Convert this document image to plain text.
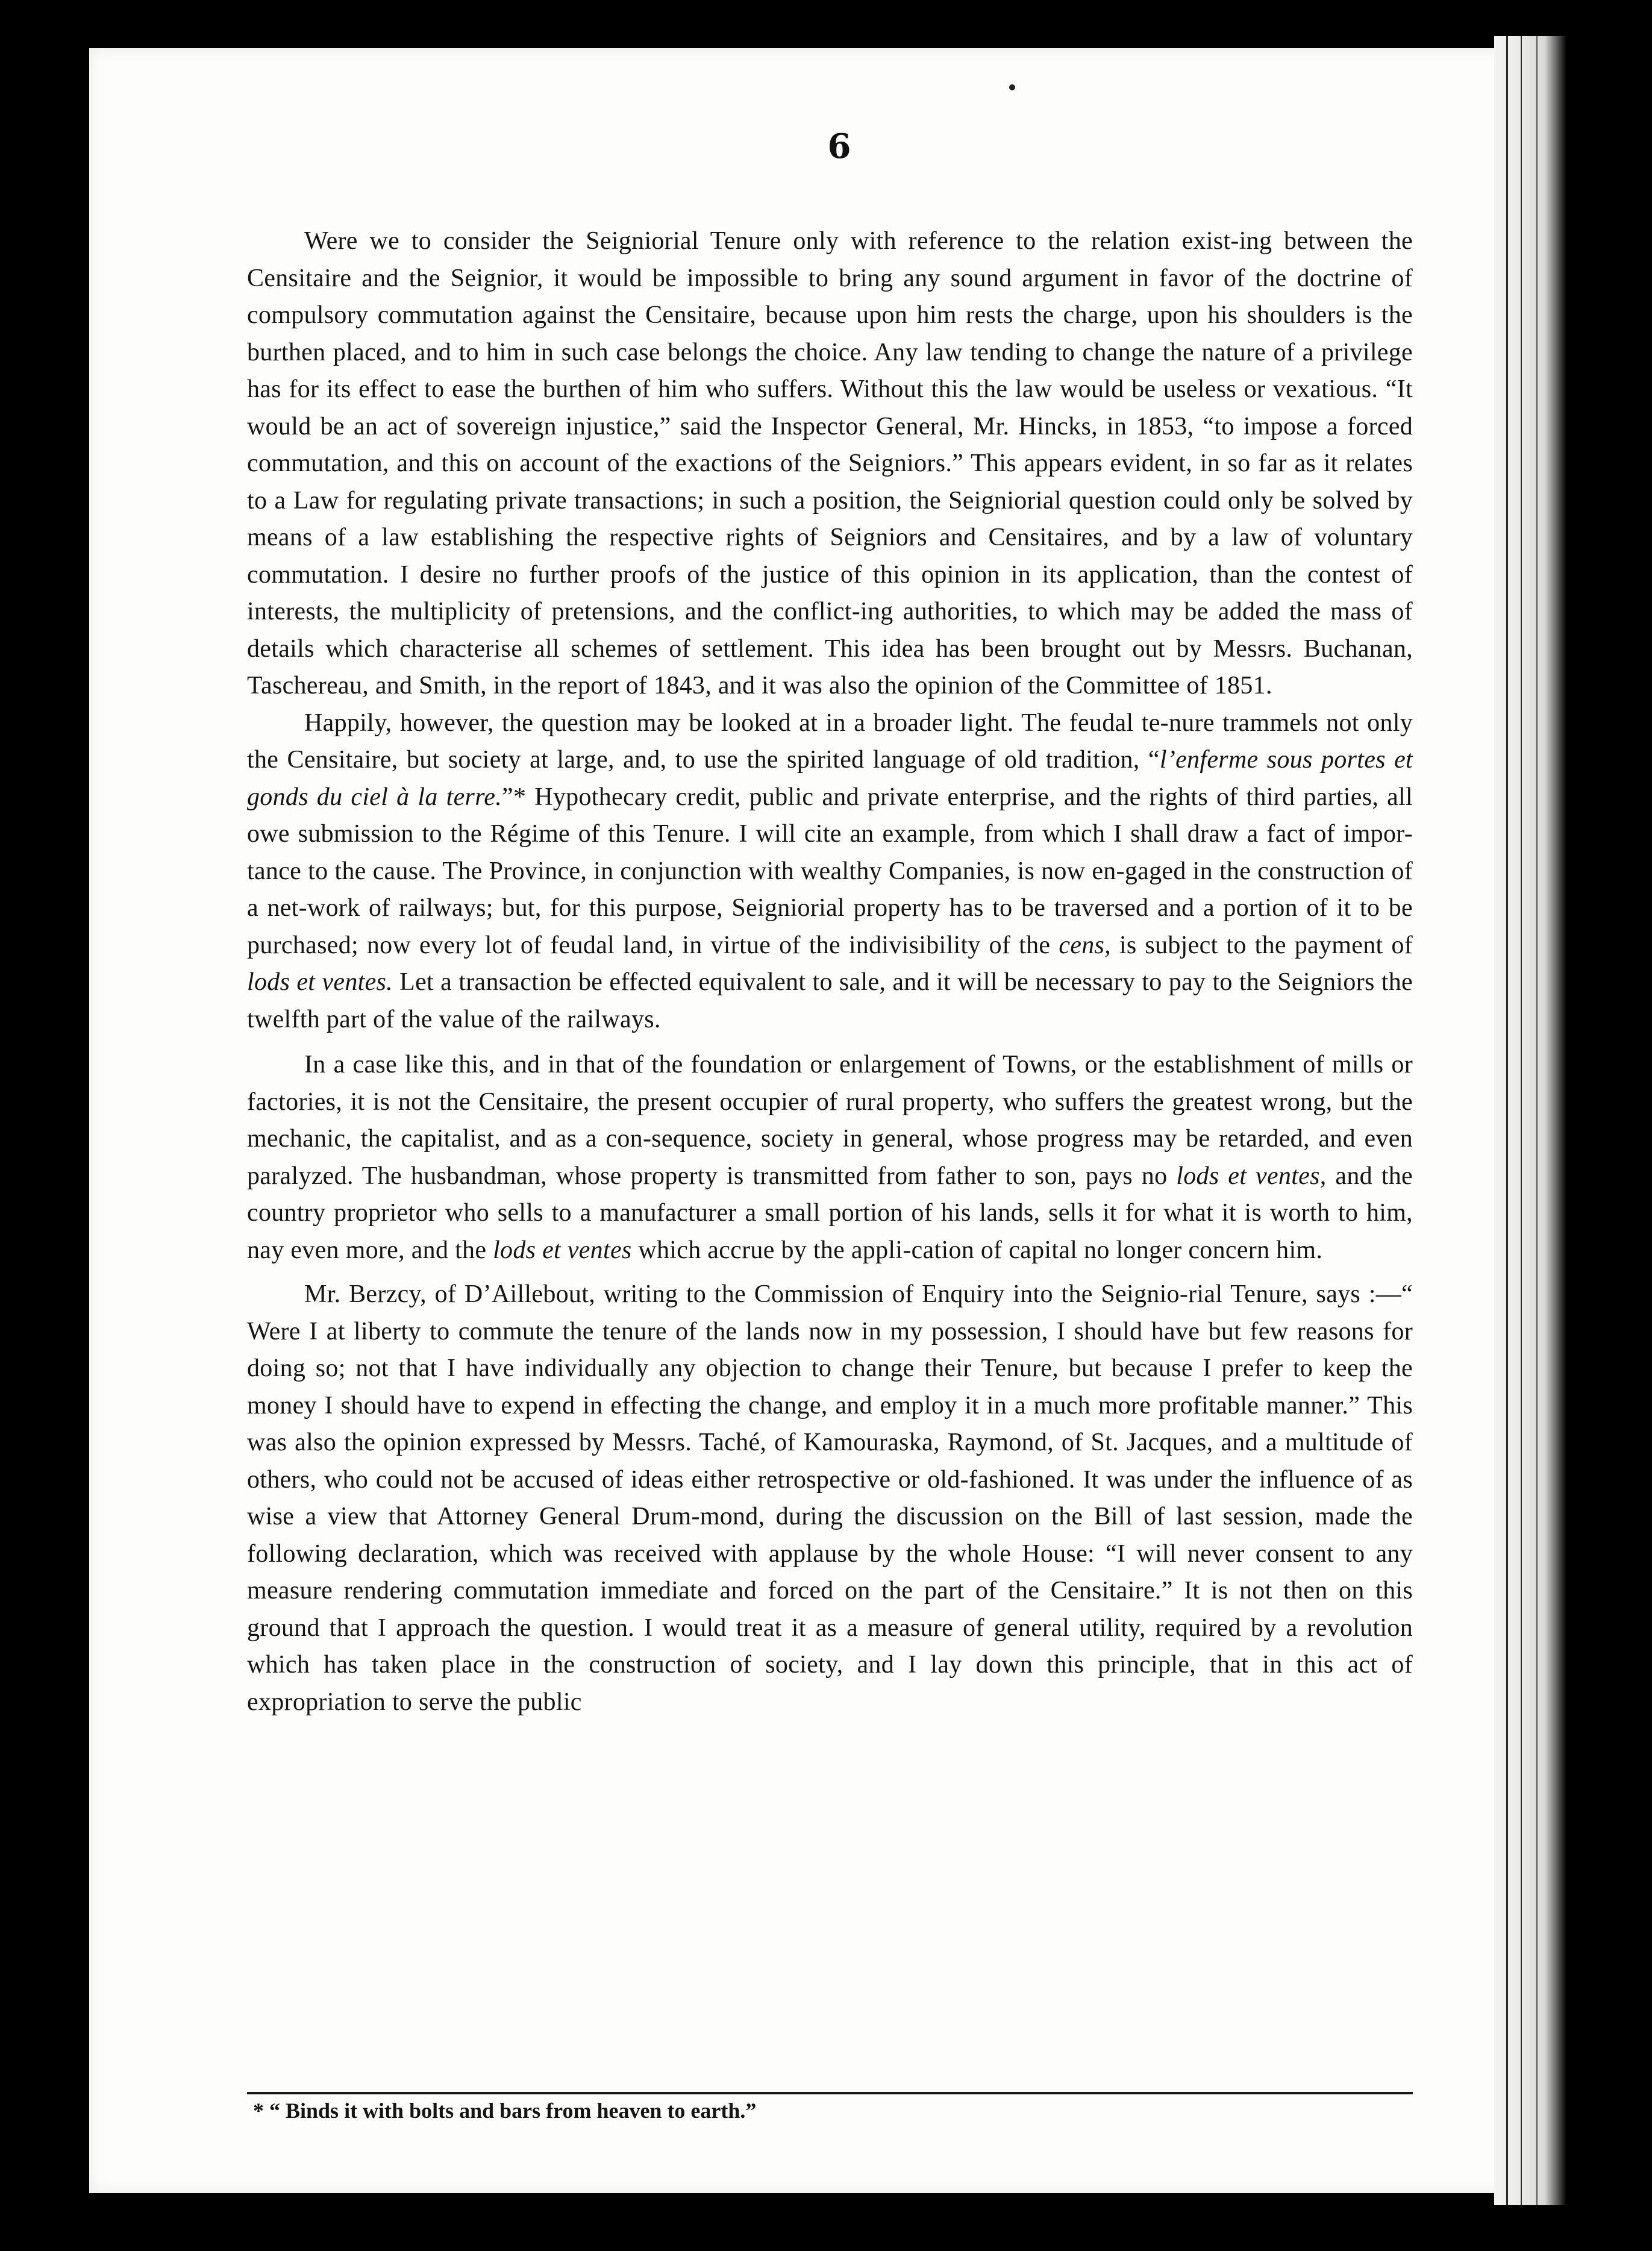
6

Were we to consider the Seigniorial Tenure only with reference to the relation exist-ing between the Censitaire and the Seignior, it would be impossible to bring any sound argument in favor of the doctrine of compulsory commutation against the Censitaire, because upon him rests the charge, upon his shoulders is the burthen placed, and to him in such case belongs the choice. Any law tending to change the nature of a privilege has for its effect to ease the burthen of him who suffers. Without this the law would be useless or vexatious. “It would be an act of sovereign injustice,” said the Inspector General, Mr. Hincks, in 1853, “to impose a forced commutation, and this on account of the exactions of the Seigniors.” This appears evident, in so far as it relates to a Law for regulating private transactions; in such a position, the Seigniorial question could only be solved by means of a law establishing the respective rights of Seigniors and Censitaires, and by a law of voluntary commutation. I desire no further proofs of the justice of this opinion in its application, than the contest of interests, the multiplicity of pretensions, and the conflict-ing authorities, to which may be added the mass of details which characterise all schemes of settlement. This idea has been brought out by Messrs. Buchanan, Taschereau, and Smith, in the report of 1843, and it was also the opinion of the Committee of 1851.

Happily, however, the question may be looked at in a broader light. The feudal te-nure trammels not only the Censitaire, but society at large, and, to use the spirited language of old tradition, “l’enferme sous portes et gonds du ciel à la terre.”* Hypothecary credit, public and private enterprise, and the rights of third parties, all owe submission to the Régime of this Tenure. I will cite an example, from which I shall draw a fact of impor-tance to the cause. The Province, in conjunction with wealthy Companies, is now en-gaged in the construction of a net-work of railways; but, for this purpose, Seigniorial property has to be traversed and a portion of it to be purchased; now every lot of feudal land, in virtue of the indivisibility of the cens, is subject to the payment of lods et ventes. Let a transaction be effected equivalent to sale, and it will be necessary to pay to the Seigniors the twelfth part of the value of the railways.

In a case like this, and in that of the foundation or enlargement of Towns, or the establishment of mills or factories, it is not the Censitaire, the present occupier of rural property, who suffers the greatest wrong, but the mechanic, the capitalist, and as a con-sequence, society in general, whose progress may be retarded, and even paralyzed. The husbandman, whose property is transmitted from father to son, pays no lods et ventes, and the country proprietor who sells to a manufacturer a small portion of his lands, sells it for what it is worth to him, nay even more, and the lods et ventes which accrue by the appli-cation of capital no longer concern him.

Mr. Berzcy, of D’Aillebout, writing to the Commission of Enquiry into the Seignio-rial Tenure, says :—“ Were I at liberty to commute the tenure of the lands now in my possession, I should have but few reasons for doing so; not that I have individually any objection to change their Tenure, but because I prefer to keep the money I should have to expend in effecting the change, and employ it in a much more profitable manner.” This was also the opinion expressed by Messrs. Taché, of Kamouraska, Raymond, of St. Jacques, and a multitude of others, who could not be accused of ideas either retrospective or old-fashioned. It was under the influence of as wise a view that Attorney General Drum-mond, during the discussion on the Bill of last session, made the following declaration, which was received with applause by the whole House: “I will never consent to any measure rendering commutation immediate and forced on the part of the Censitaire.” It is not then on this ground that I approach the question. I would treat it as a measure of general utility, required by a revolution which has taken place in the construction of society, and I lay down this principle, that in this act of expropriation to serve the public

* “ Binds it with bolts and bars from heaven to earth.”
